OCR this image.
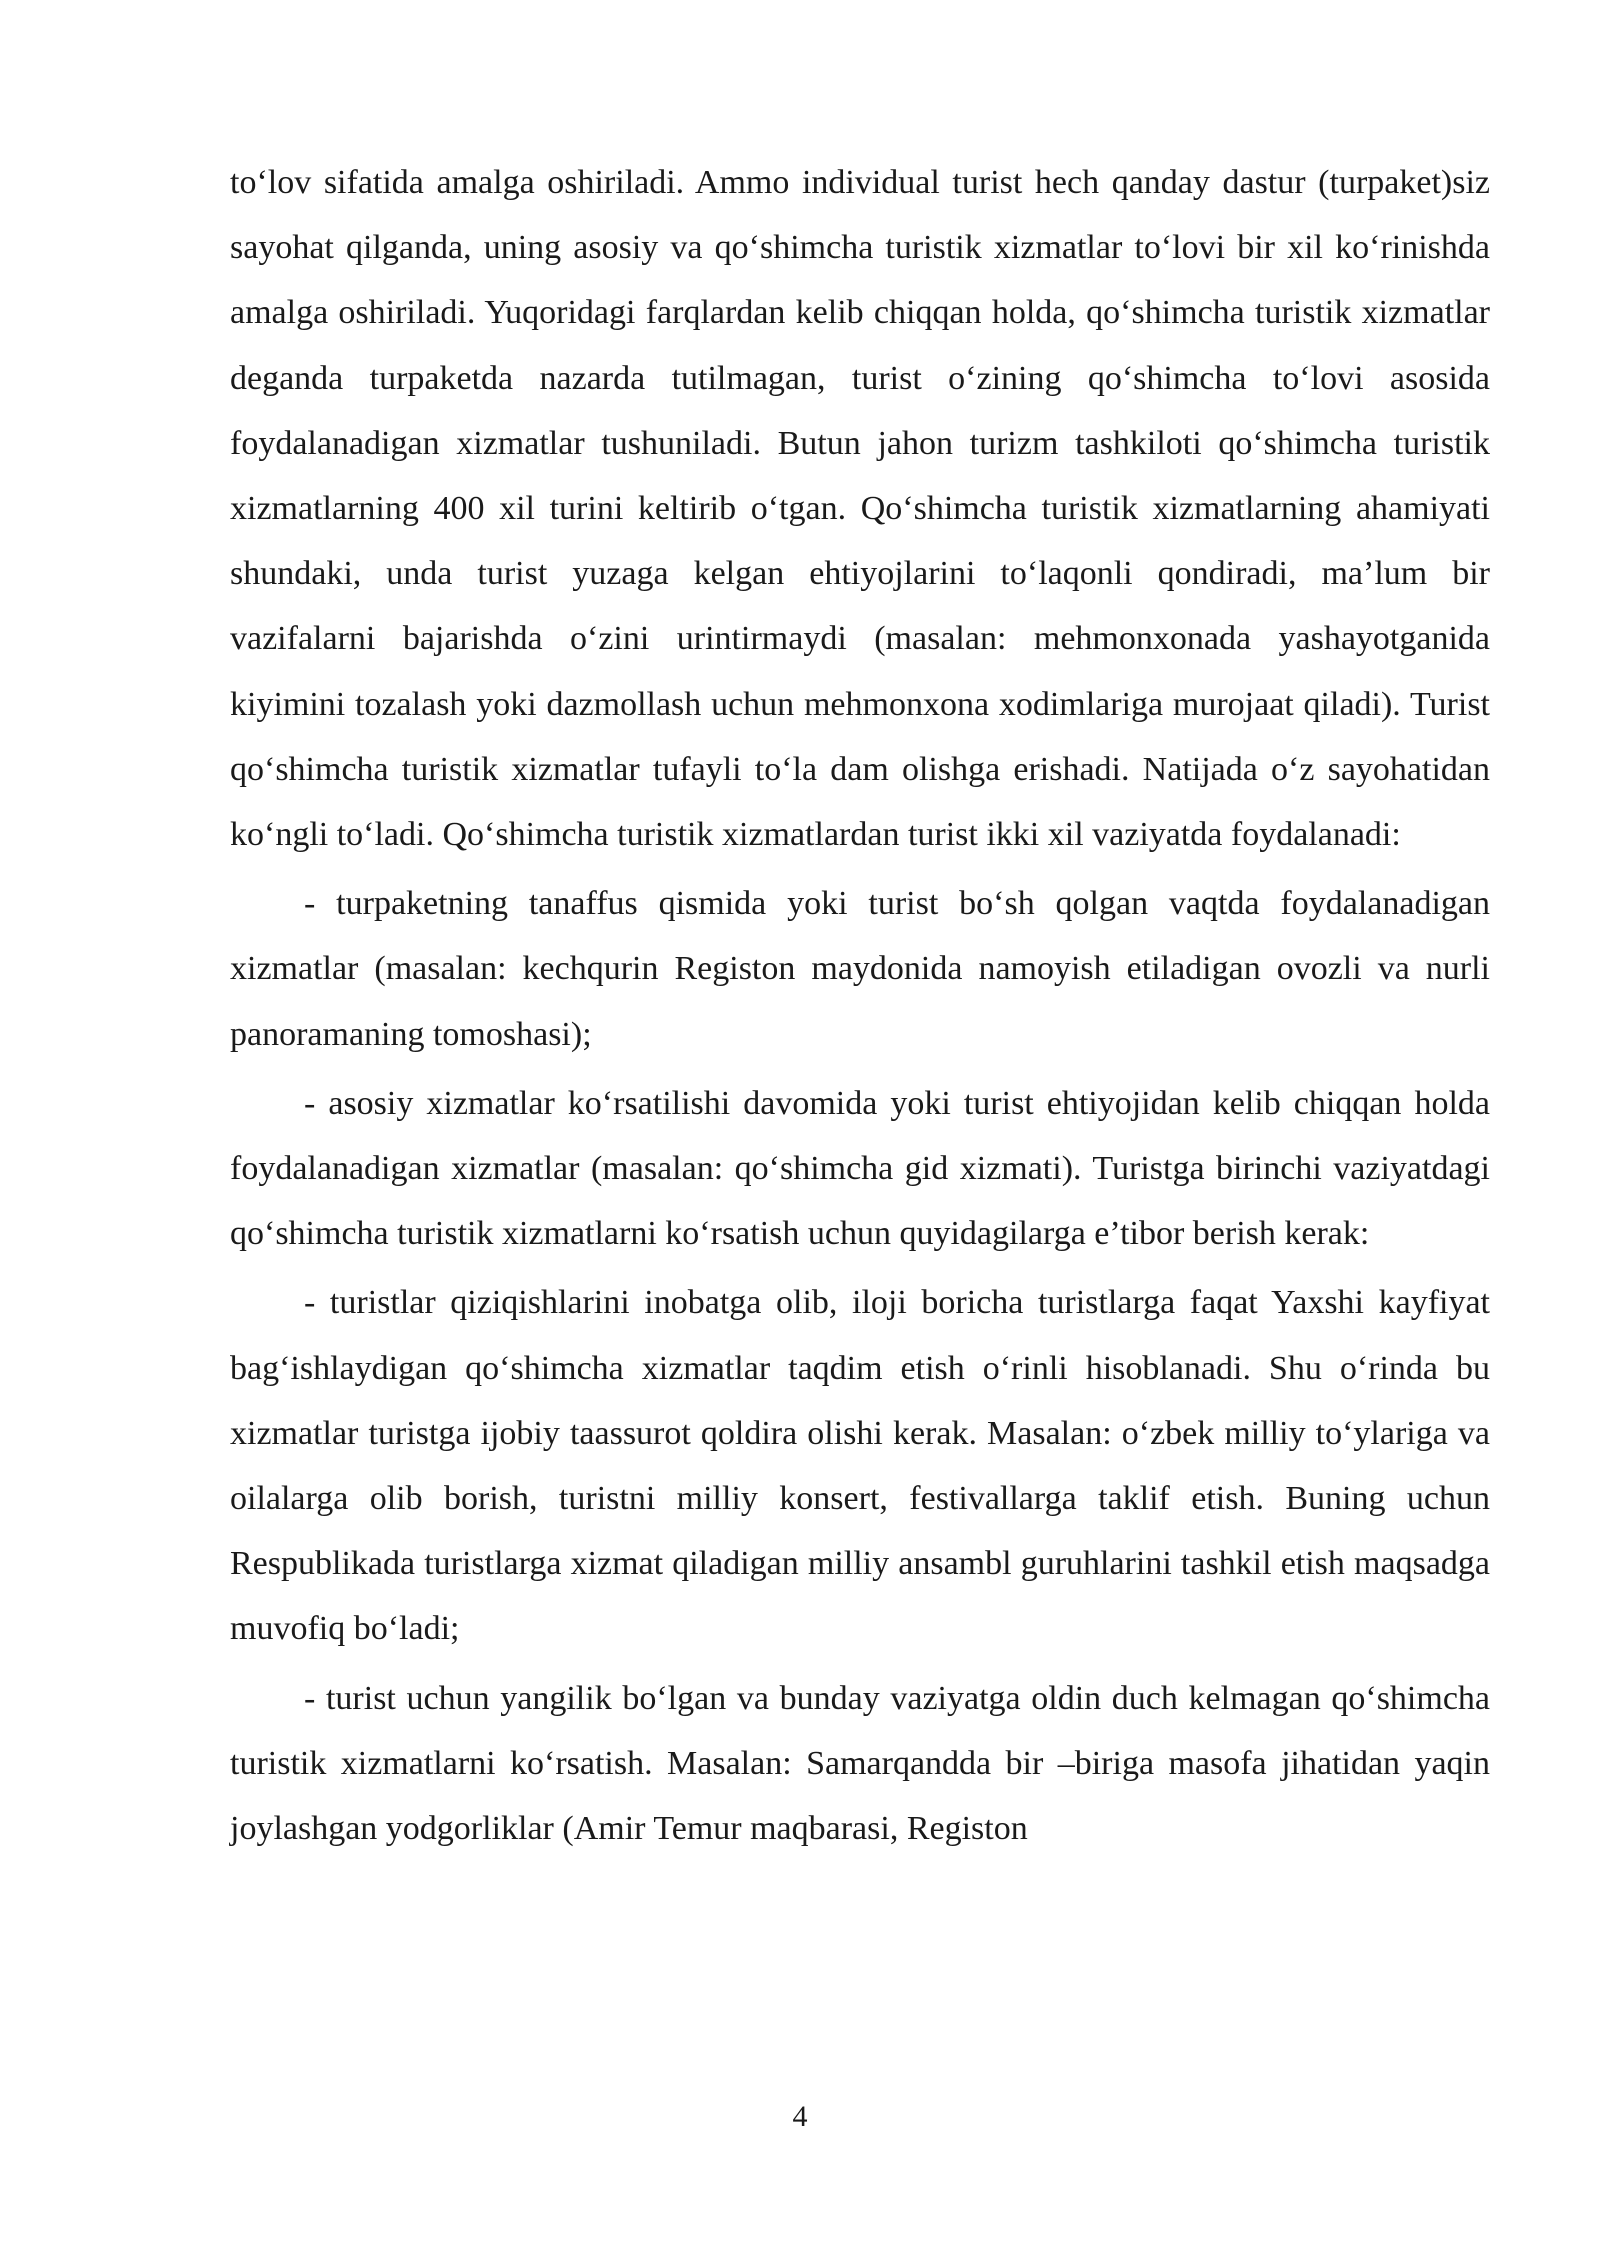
to‘lov sifatida amalga oshiriladi. Ammo individual turist hech qanday dastur (turpaket)siz sayohat qilganda, uning asosiy va qo‘shimcha turistik xizmatlar to‘lovi bir xil ko‘rinishda amalga oshiriladi. Yuqoridagi farqlardan kelib chiqqan holda, qo‘shimcha turistik xizmatlar deganda turpaketda nazarda tutilmagan, turist o‘zining qo‘shimcha to‘lovi asosida foydalanadigan xizmatlar tushuniladi. Butun jahon turizm tashkiloti qo‘shimcha turistik xizmatlarning 400 xil turini keltirib o‘tgan. Qo‘shimcha turistik xizmatlarning ahamiyati shundaki, unda turist yuzaga kelgan ehtiyojlarini to‘laqonli qondiradi, ma’lum bir vazifalarni bajarishda o‘zini urintirmaydi (masalan: mehmonxonada yashayotganida kiyimini tozalash yoki dazmollash uchun mehmonxona xodimlariga murojaat qiladi). Turist qo‘shimcha turistik xizmatlar tufayli to‘la dam olishga erishadi. Natijada o‘z sayohatidan ko‘ngli to‘ladi. Qo‘shimcha turistik xizmatlardan turist ikki xil vaziyatda foydalanadi:

- turpaketning tanaffus qismida yoki turist bo‘sh qolgan vaqtda foydalanadigan xizmatlar (masalan: kechqurin Registon maydonida namoyish etiladigan ovozli va nurli panoramaning tomoshasi);

- asosiy xizmatlar ko‘rsatilishi davomida yoki turist ehtiyojidan kelib chiqqan holda foydalanadigan xizmatlar (masalan: qo‘shimcha gid xizmati). Turistga birinchi vaziyatdagi qo‘shimcha turistik xizmatlarni ko‘rsatish uchun quyidagilarga e’tibor berish kerak:

- turistlar qiziqishlarini inobatga olib, iloji boricha turistlarga faqat Yaxshi kayfiyat bag‘ishlaydigan qo‘shimcha xizmatlar taqdim etish o‘rinli hisoblanadi. Shu o‘rinda bu xizmatlar turistga ijobiy taassurot qoldira olishi kerak. Masalan: o‘zbek milliy to‘ylariga va oilalarga olib borish, turistni milliy konsert, festivallarga taklif etish. Buning uchun Respublikada turistlarga xizmat qiladigan milliy ansambl guruhlarini tashkil etish maqsadga muvofiq bo‘ladi;

- turist uchun yangilik bo‘lgan va bunday vaziyatga oldin duch kelmagan qo‘shimcha turistik xizmatlarni ko‘rsatish. Masalan: Samarqandda bir –biriga masofa jihatidan yaqin joylashgan yodgorliklar (Amir Temur maqbarasi, Registon

4
